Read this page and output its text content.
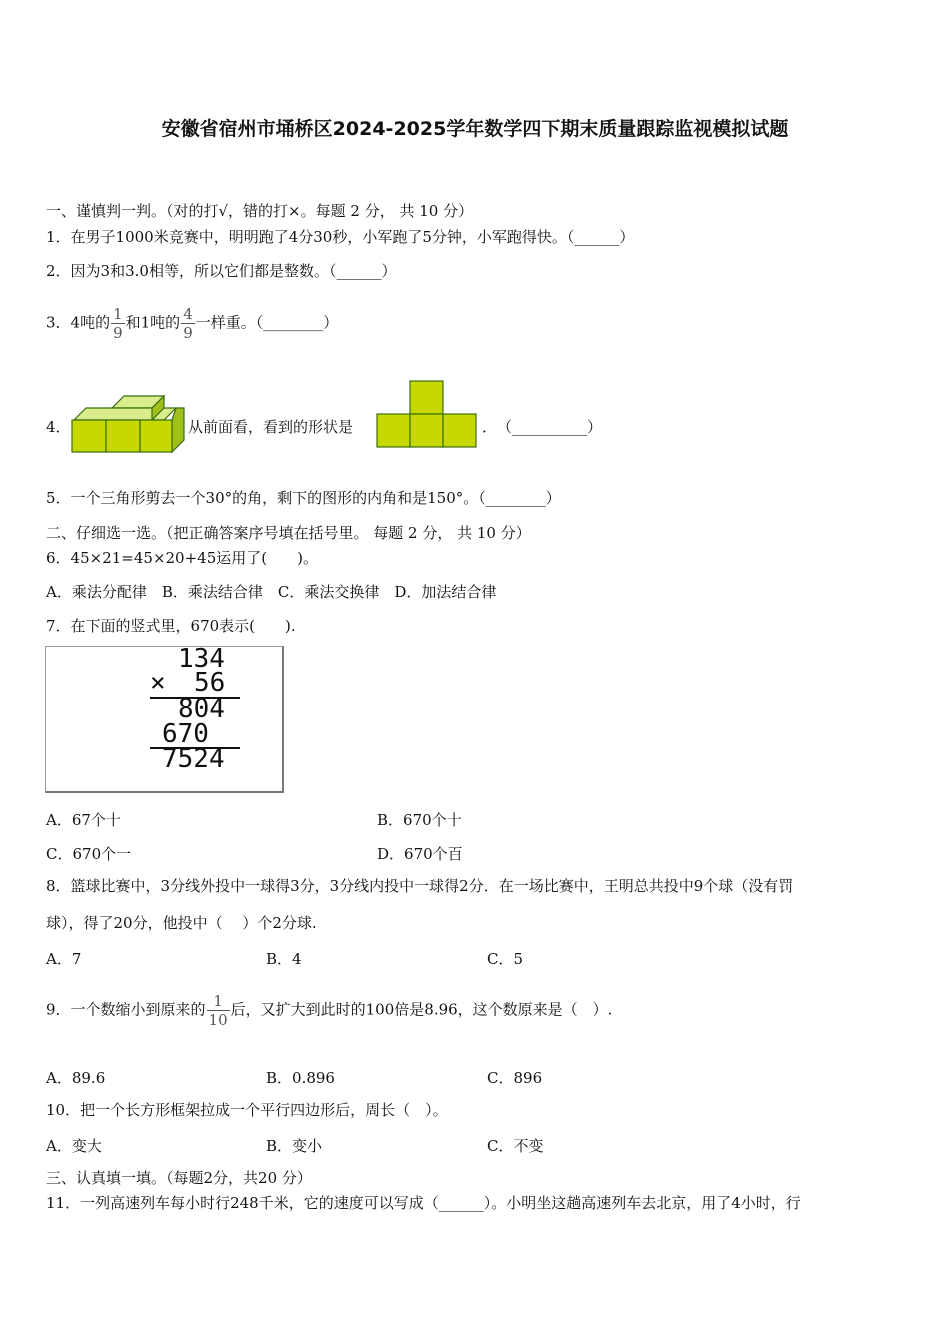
安徽省宿州市埇桥区2024-2025学年数学四下期末质量跟踪监视模拟试题
一、谨慎判一判。（对的打√，错的打×。每题 2 分， 共 10 分）
1．在男子1000米竞赛中，明明跑了4分30秒，小军跑了5分钟，小军跑得快。（______）
2．因为3和3.0相等，所以它们都是整数。（______）
3．4吨的 $\frac{1}{9}$ 和1吨的 $\frac{4}{9}$ 一样重。（________）
4．	从前面看，看到的形状是	．　（__________）
5．一个三角形剪去一个30°的角，剩下的图形的内角和是150°。（________）
二、仔细选一选。（把正确答案序号填在括号里。 每题 2 分， 共 10 分）
6．45×21=45×20+45运用了(　　)。
A．乘法分配律　B．乘法结合律　C．乘法交换律　D．加法结合律
7．在下面的竖式里，670表示(　　).
134
× 56
804
670
7524
A．67个十	B．670个十
C．670个一	D．670个百
8．篮球比赛中，3分线外投中一球得3分，3分线内投中一球得2分．在一场比赛中，王明总共投中9个球（没有罚
球），得了20分，他投中（　 ）个2分球.
A．7	B．4	C．5
9．一个数缩小到原来的 $\frac{1}{10}$ 后，又扩大到此时的100倍是8.96，这个数原来是（　）.
A．89.6	B．0.896	C．896
10．把一个长方形框架拉成一个平行四边形后，周长（　）。
A．变大	B．变小	C．不变
三、认真填一填。（每题2分，共20 分）
11．一列高速列车每小时行248千米，它的速度可以写成（______）。小明坐这趟高速列车去北京，用了4小时，行
